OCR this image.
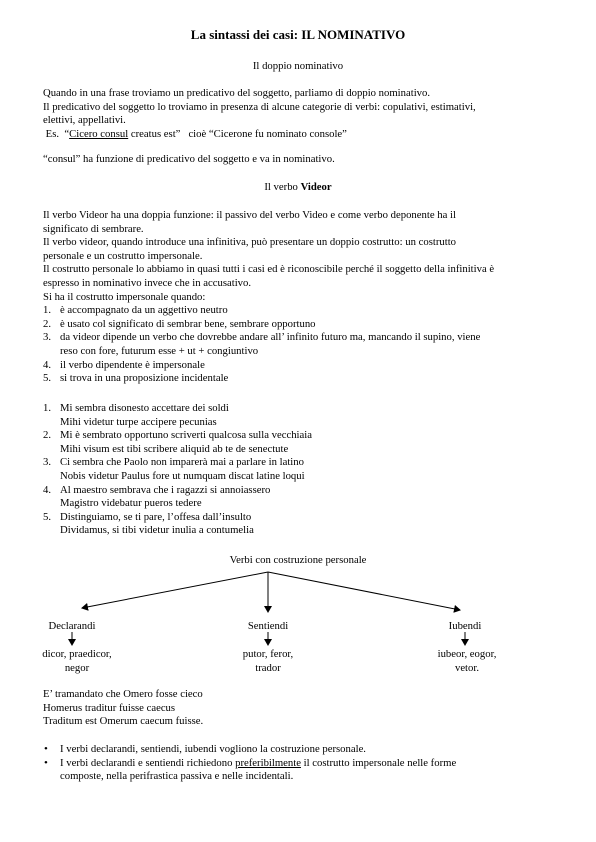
La sintassi dei casi: IL NOMINATIVO
Il doppio nominativo
Quando in una frase troviamo un predicativo del soggetto, parliamo di doppio nominativo.
Il predicativo del soggetto lo troviamo in presenza di alcune categorie di verbi: copulativi, estimativi,
elettivi, appellativi.
Es.  “Cicero consul creatus est”   cioè “Cicerone fu nominato console”
“consul” ha funzione di predicativo del soggetto e va in nominativo.
Il verbo Videor
Il verbo Videor ha una doppia funzione: il passivo del verbo Video e come verbo deponente ha il
significato di sembrare.
Il verbo videor, quando introduce una infinitiva, può presentare un doppio costrutto: un costrutto
personale e un costrutto impersonale.
Il costrutto personale lo abbiamo in quasi tutti i casi ed è riconoscibile perché il soggetto della infinitiva è
espresso in nominativo invece che in accusativo.
Si ha il costrutto impersonale quando:
1. è accompagnato da un aggettivo neutro
2. è usato col significato di sembrar bene, sembrare opportuno
3. da videor dipende un verbo che dovrebbe andare all’ infinito futuro ma, mancando il supino, viene
reso con fore, futurum esse + ut + congiuntivo
4. il verbo dipendente è impersonale
5. si trova in una proposizione incidentale
1. Mi sembra disonesto accettare dei soldi
Mihi videtur turpe accipere pecunias
2. Mi è sembrato opportuno scriverti qualcosa sulla vecchiaia
Mihi visum est tibi scribere aliquid ab te de senectute
3. Ci sembra che Paolo non imparerà mai a parlare in latino
Nobis videtur Paulus fore ut numquam discat latine loqui
4. Al maestro sembrava che i ragazzi si annoiassero
Magistro videbatur pueros tedere
5. Distinguiamo, se ti pare, l’offesa dall’insulto
Dividamus, si tibi videtur inulia a contumelia
Verbi con costruzione personale
Declarandi	Sentiendi	Iubendi
dicor, praedicor,
negor
putor, feror,
trador
iubeor, eogor,
vetor.
E’ tramandato che Omero fosse cieco
Homerus traditur fuisse caecus
Traditum est Omerum caecum fuisse.
• I verbi declarandi, sentiendi, iubendi vogliono la costruzione personale.
• I verbi declarandi e sentiendi richiedono preferibilmente il costrutto impersonale nelle forme
composte, nella perifrastica passiva e nelle incidentali.
